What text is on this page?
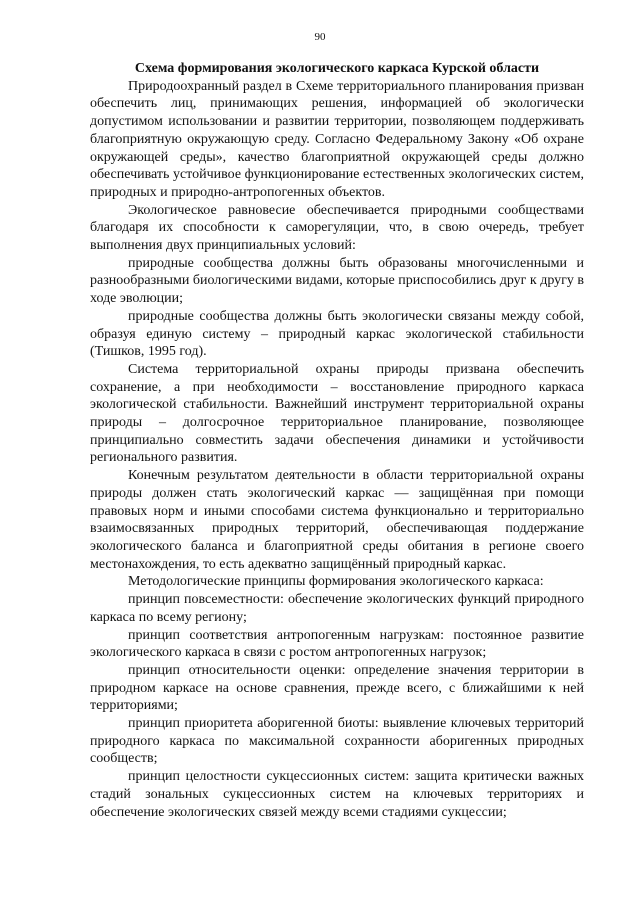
90

Схема формирования экологического каркаса Курской области

Природоохранный раздел в Схеме территориального планирования призван обеспечить лиц, принимающих решения, информацией об экологически допустимом использовании и развитии территории, позволяющем поддерживать благоприятную окружающую среду. Согласно Федеральному Закону «Об охране окружающей среды», качество благоприятной окружающей среды должно обеспечивать устойчивое функционирование естественных экологических систем, природных и природно-антропогенных объектов.

Экологическое равновесие обеспечивается природными сообществами благодаря их способности к саморегуляции, что, в свою очередь, требует выполнения двух принципиальных условий:

природные сообщества должны быть образованы многочисленными и разнообразными биологическими видами, которые приспособились друг к другу в ходе эволюции;

природные сообщества должны быть экологически связаны между собой, образуя единую систему – природный каркас экологической стабильности (Тишков, 1995 год).

Система территориальной охраны природы призвана обеспечить сохранение, а при необходимости – восстановление природного каркаса экологической стабильности. Важнейший инструмент территориальной охраны природы – долгосрочное территориальное планирование, позволяющее принципиально совместить задачи обеспечения динамики и устойчивости регионального развития.

Конечным результатом деятельности в области территориальной охраны природы должен стать экологический каркас — защищённая при помощи правовых норм и иными способами система функционально и территориально взаимосвязанных природных территорий, обеспечивающая поддержание экологического баланса и благоприятной среды обитания в регионе своего местонахождения, то есть адекватно защищённый природный каркас.

Методологические принципы формирования экологического каркаса:

принцип повсеместности: обеспечение экологических функций природного каркаса по всему региону;

принцип соответствия антропогенным нагрузкам: постоянное развитие экологического каркаса в связи с ростом антропогенных нагрузок;

принцип относительности оценки: определение значения территории в природном каркасе на основе сравнения, прежде всего, с ближайшими к ней территориями;

принцип приоритета аборигенной биоты: выявление ключевых территорий природного каркаса по максимальной сохранности аборигенных природных сообществ;

принцип целостности сукцессионных систем: защита критически важных стадий зональных сукцессионных систем на ключевых территориях и обеспечение экологических связей между всеми стадиями сукцессии;
